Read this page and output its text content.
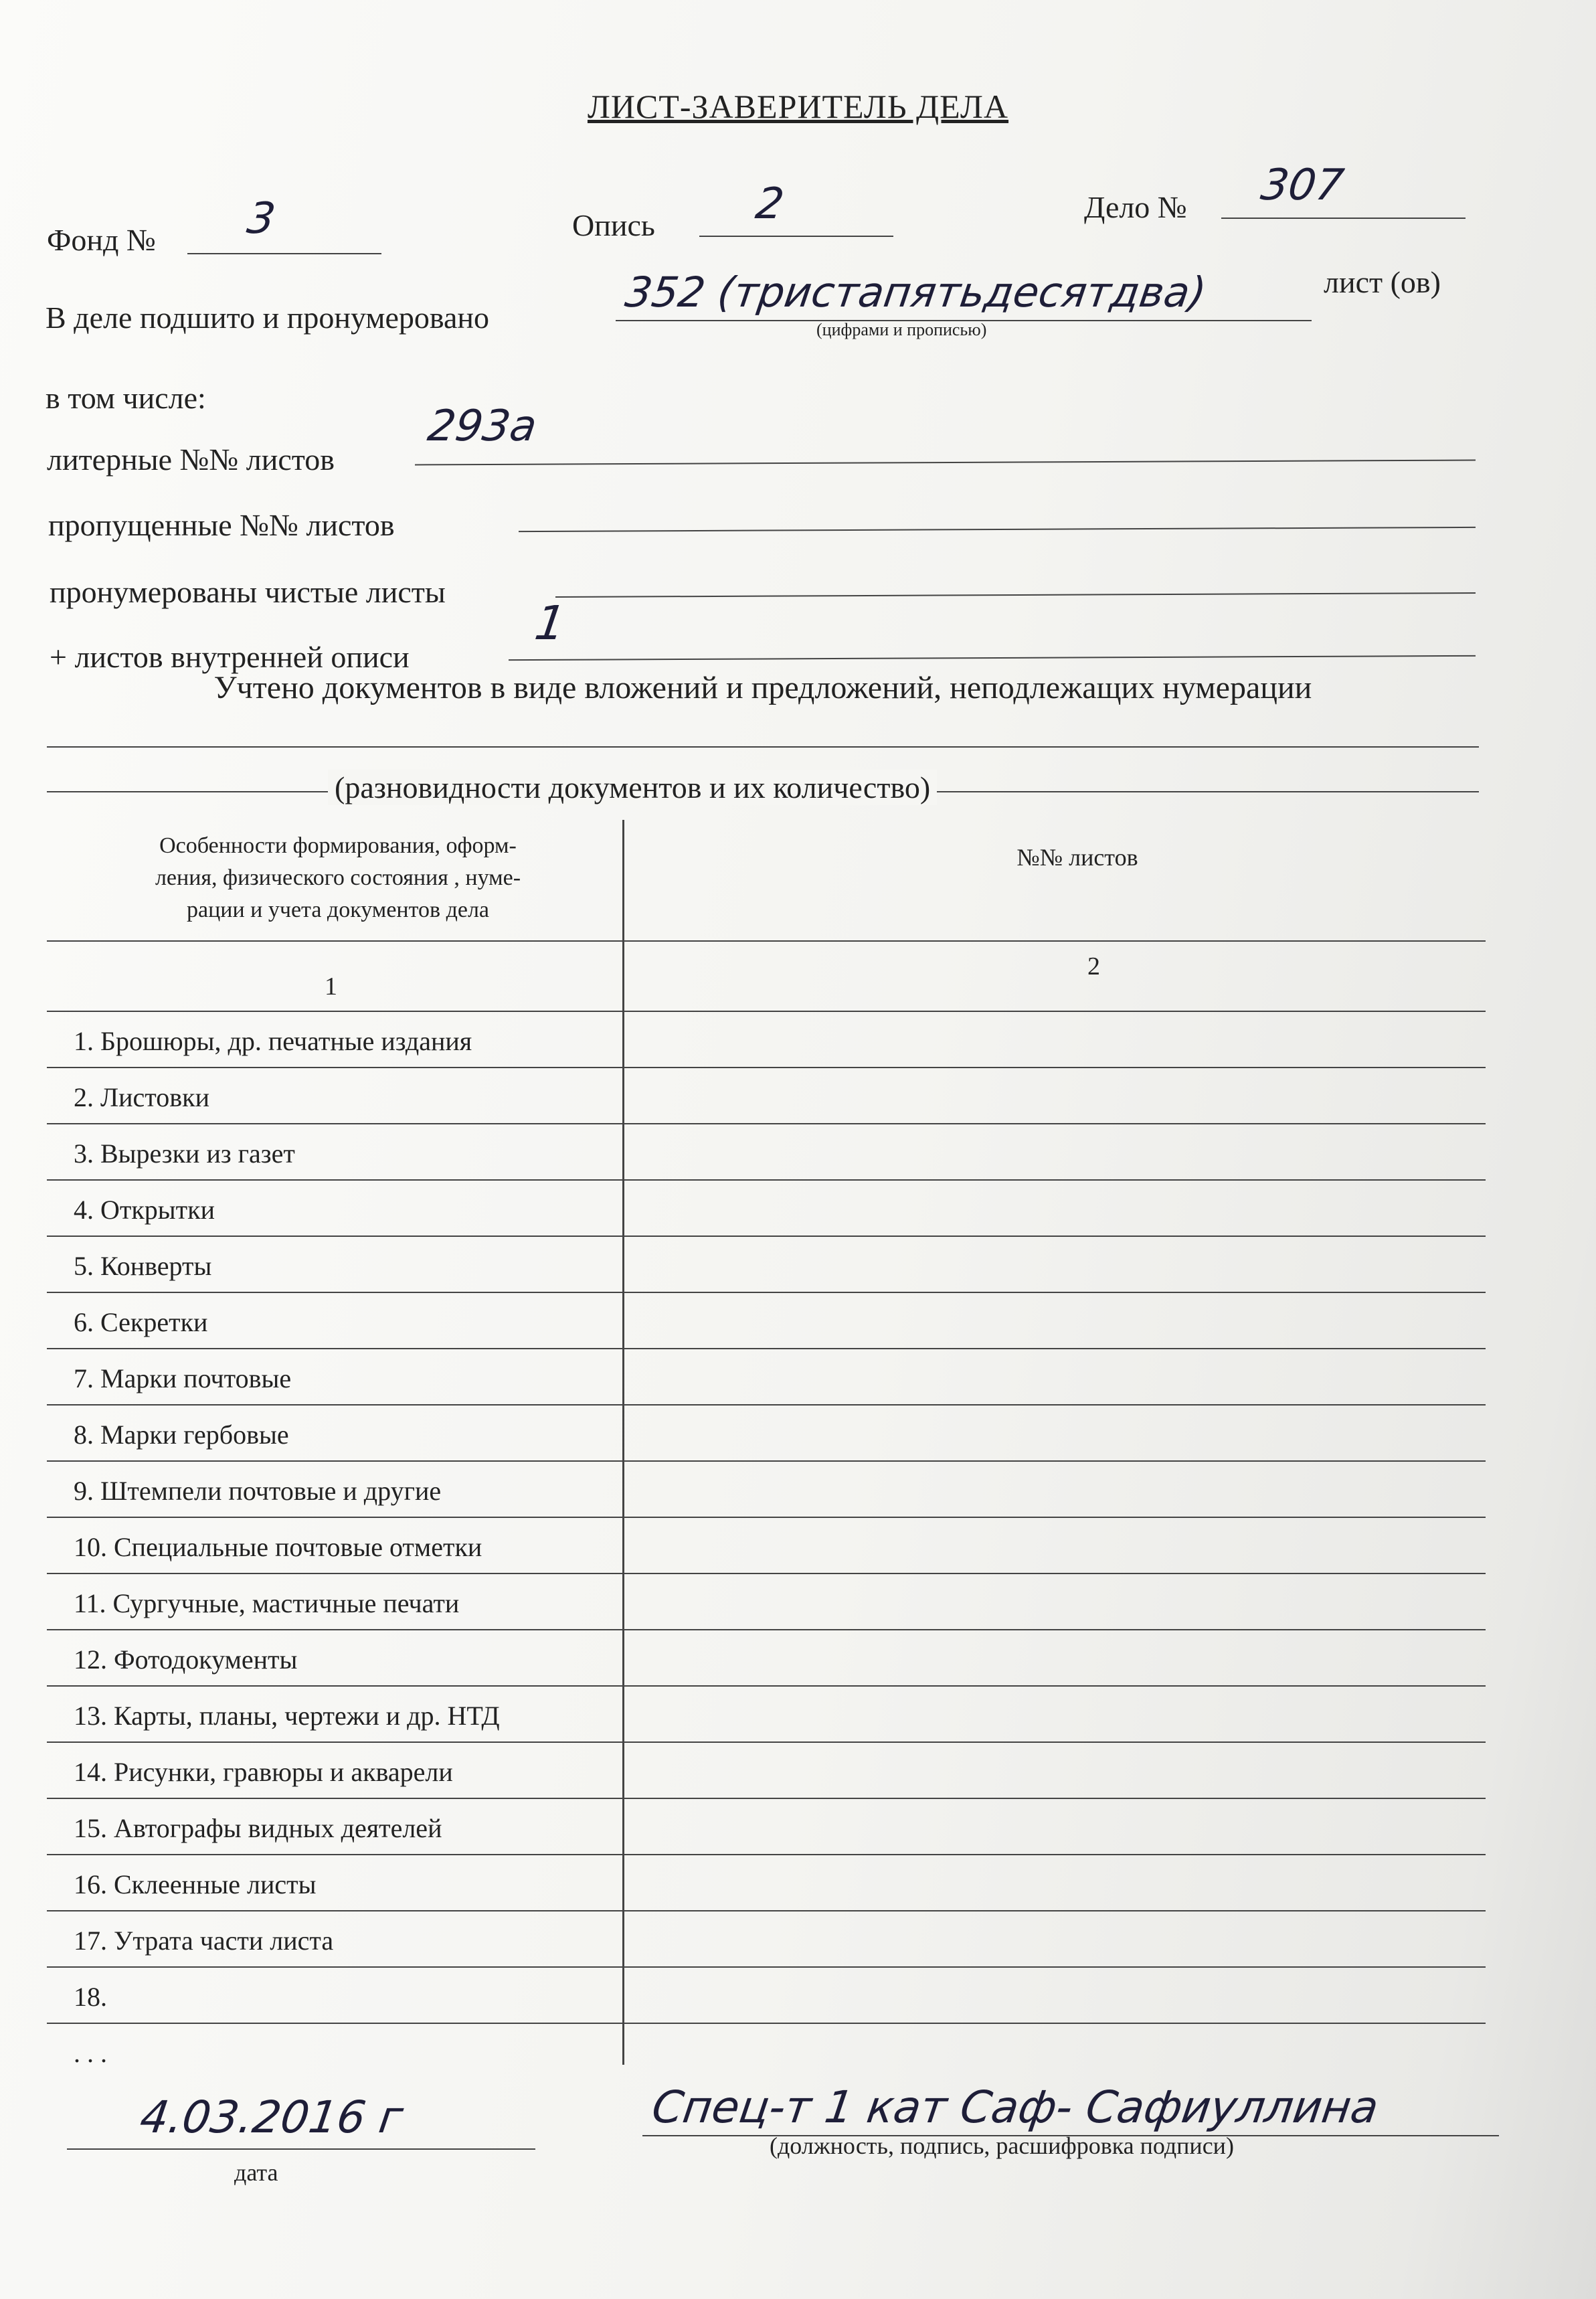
ЛИСТ-ЗАВЕРИТЕЛЬ ДЕЛА
Фонд № 3	Опись 2	Дело № 307
В деле подшито и пронумеровано
352 (тристапятьдесятдва)	лист (ов)
(цифрами и прописью)
в том числе:
литерные №№ листов
293а
пропущенные №№ листов
пронумерованы чистые листы
+ листов внутренней описи
1
Учтено документов в виде вложений и предложений, неподлежащих нумерации
(разновидности документов и их количество)
Особенности формирования, оформ-
ления, физического состояния , нуме-
рации и учета документов дела
№№ листов
1
2
1. Брошюры, др. печатные издания
2. Листовки
3. Вырезки из газет
4. Открытки
5. Конверты
6. Секретки
7. Марки почтовые
8. Марки гербовые
9. Штемпели почтовые и другие
10. Специальные почтовые отметки
11. Сургучные, мастичные печати
12. Фотодокументы
13. Карты, планы, чертежи и др. НТД
14. Рисунки, гравюры и акварели
15. Автографы видных деятелей
16. Склеенные листы
17. Утрата части листа
18.
. . .
4.03.2016 г
дата
Спец-т 1 кат Саф- Сафиуллина
(должность, подпись, расшифровка подписи)
